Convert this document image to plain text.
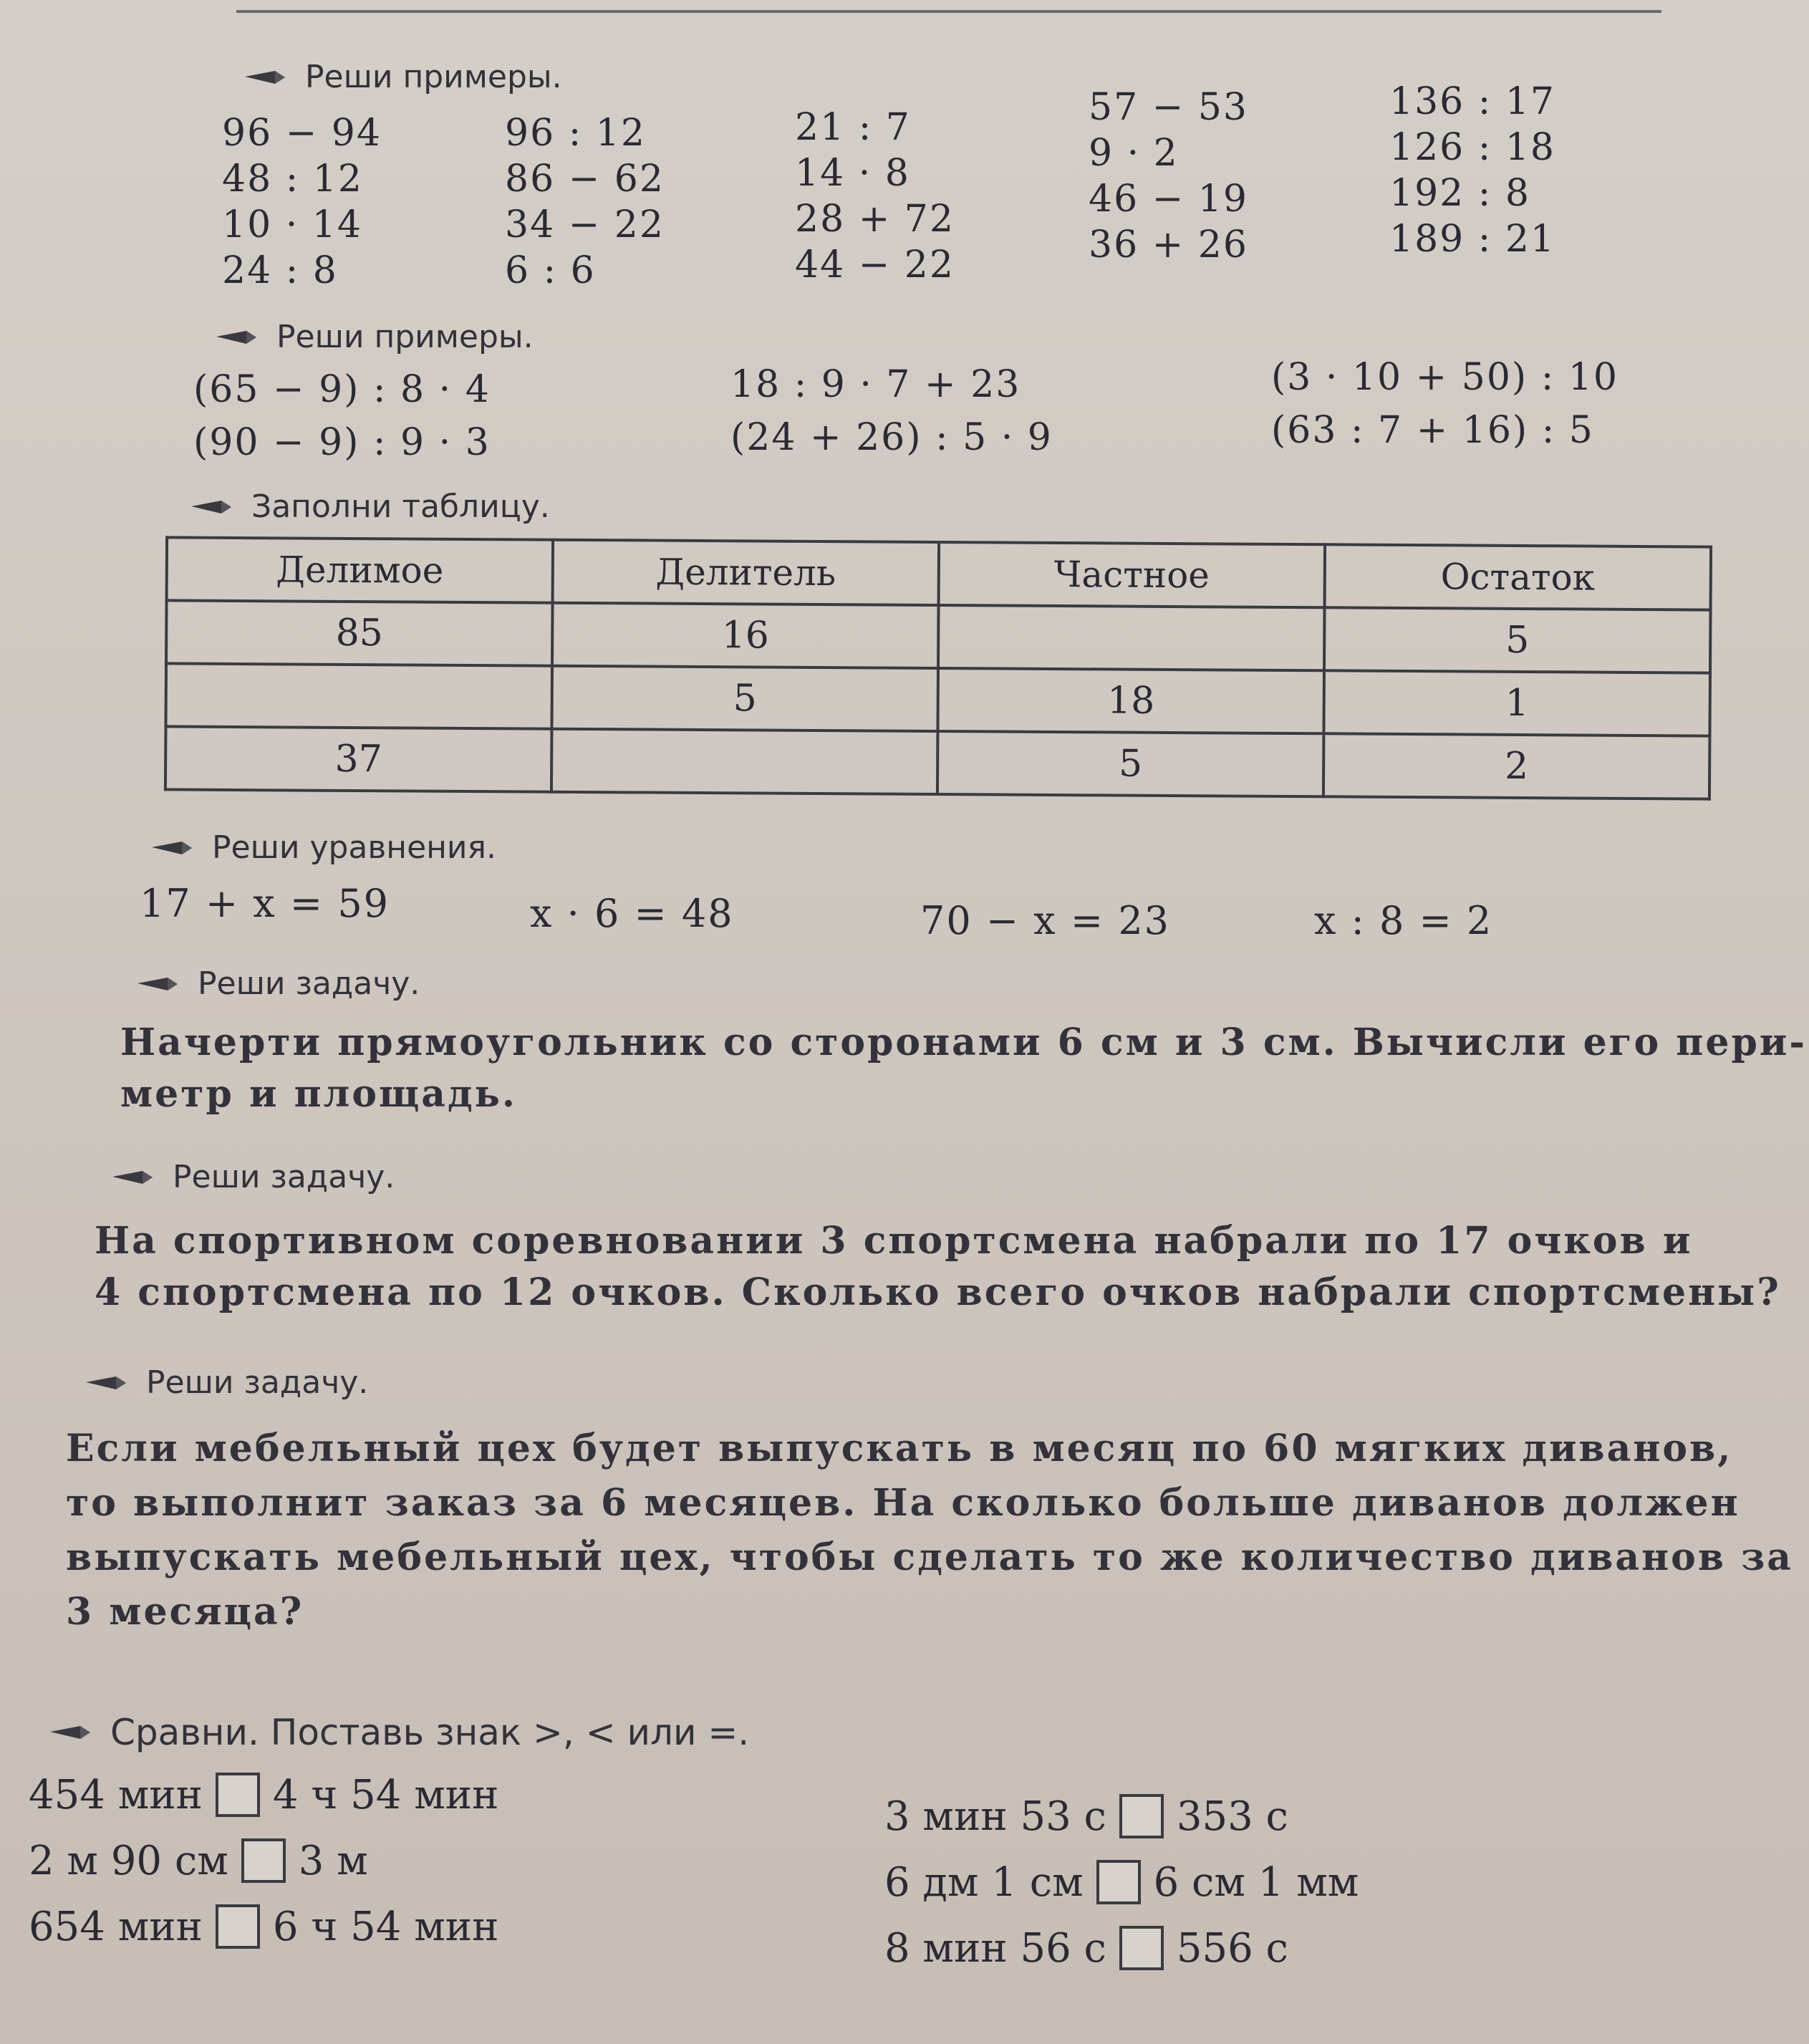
Реши примеры.
96 − 94
48 : 12
10 · 14
24 : 8
96 : 12
86 − 62
34 − 22
6 : 6
21 : 7
14 · 8
28 + 72
44 − 22
57 − 53
9 · 2
46 − 19
36 + 26
136 : 17
126 : 18
192 : 8
189 : 21
Реши примеры.
(65 − 9) : 8 · 4
(90 − 9) : 9 · 3
18 : 9 · 7 + 23
(24 + 26) : 5 · 9
(3 · 10 + 50) : 10
(63 : 7 + 16) : 5
Заполни таблицу.
Делимое	Делитель	Частное	Остаток
85	16		5
	5	18	1
37		5	2
Реши уравнения.
17 + x = 59	x · 6 = 48	70 − x = 23	x : 8 = 2
Реши задачу.
Начерти прямоугольник со сторонами 6 см и 3 см. Вычисли его пери-
метр и площадь.
Реши задачу.
На спортивном соревновании 3 спортсмена набрали по 17 очков и
4 спортсмена по 12 очков. Сколько всего очков набрали спортсмены?
Реши задачу.
Если мебельный цех будет выпускать в месяц по 60 мягких диванов,
то выполнит заказ за 6 месяцев. На сколько больше диванов должен
выпускать мебельный цех, чтобы сделать то же количество диванов за
3 месяца?
Сравни. Поставь знак >, < или =.
454 мин 4 ч 54 мин
2 м 90 см 3 м
654 мин 6 ч 54 мин
3 мин 53 с 353 с
6 дм 1 см 6 см 1 мм
8 мин 56 с 556 с
